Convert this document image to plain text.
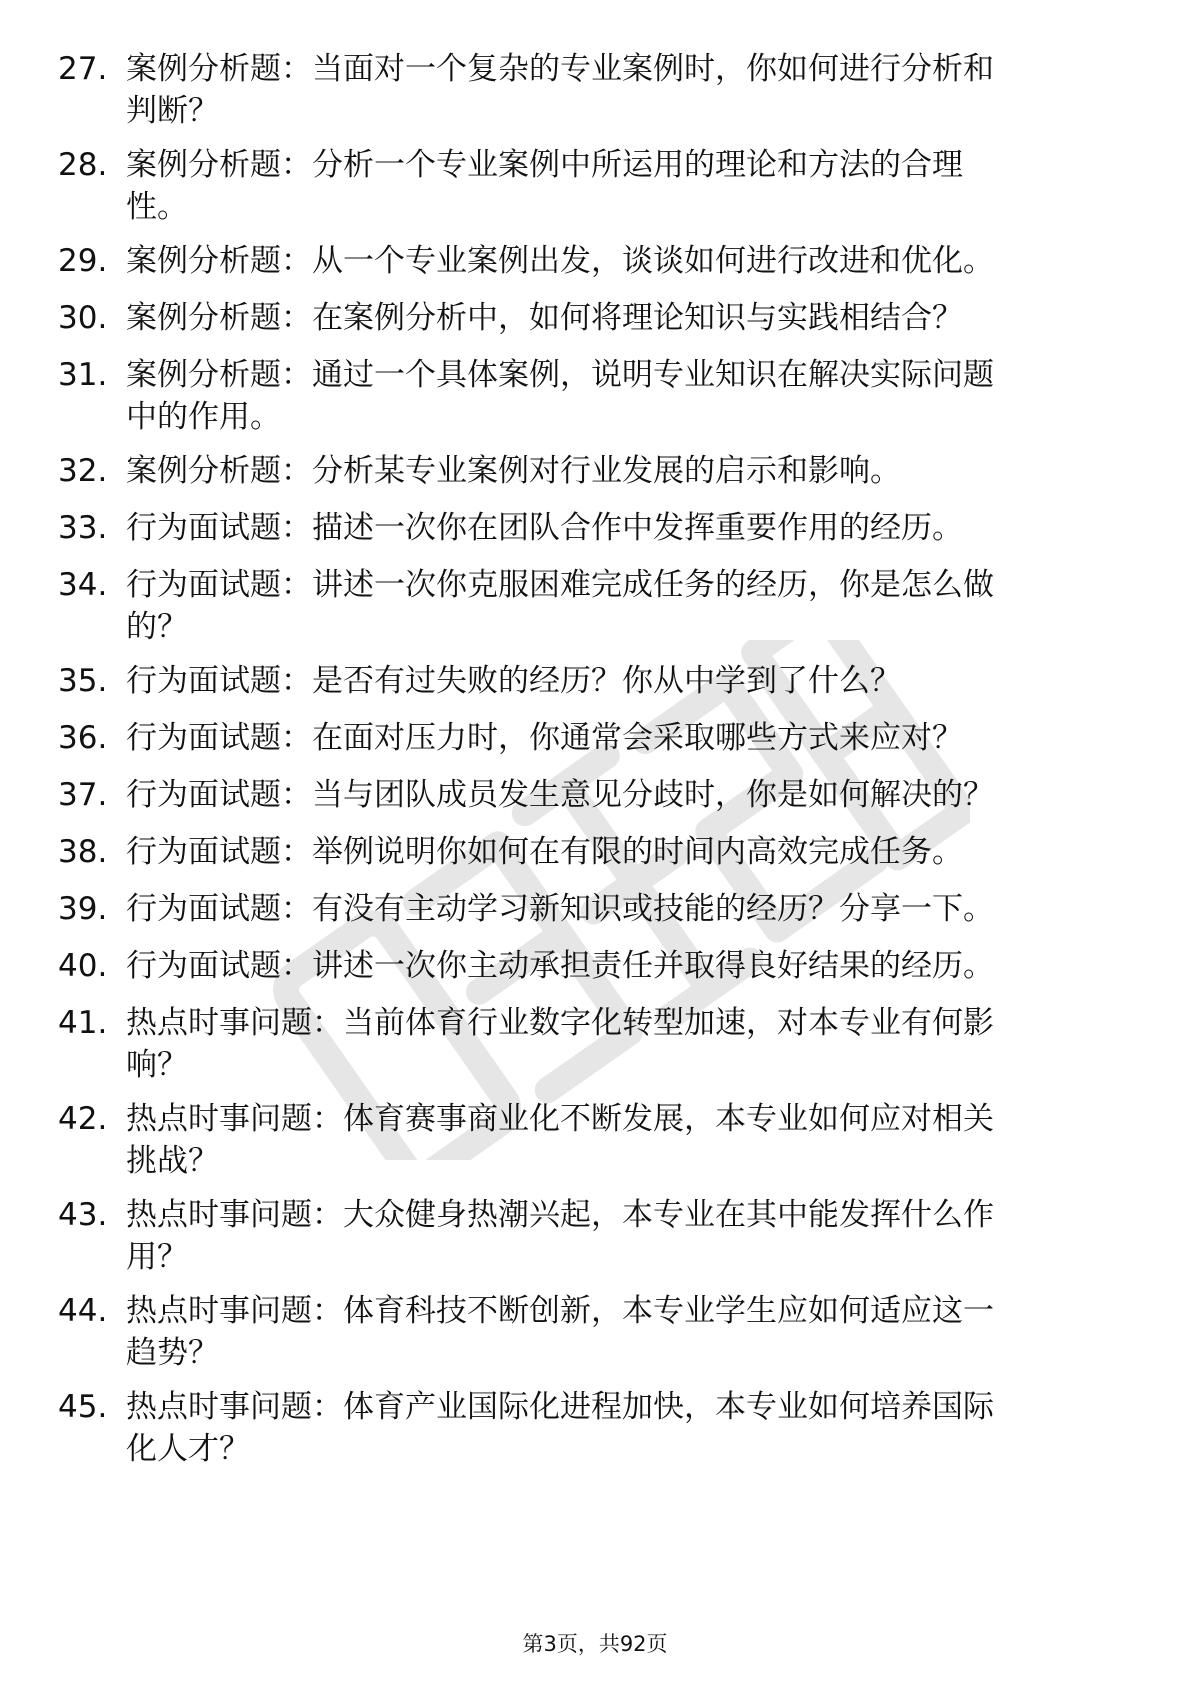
27. 案例分析题：当面对一个复杂的专业案例时，你如何进行分析和
判断？
28. 案例分析题：分析一个专业案例中所运用的理论和方法的合理
性。
29. 案例分析题：从一个专业案例出发，谈谈如何进行改进和优化。
30. 案例分析题：在案例分析中，如何将理论知识与实践相结合？
31. 案例分析题：通过一个具体案例，说明专业知识在解决实际问题
中的作用。
32. 案例分析题：分析某专业案例对行业发展的启示和影响。
33. 行为面试题：描述一次你在团队合作中发挥重要作用的经历。
34. 行为面试题：讲述一次你克服困难完成任务的经历，你是怎么做
的？
35. 行为面试题：是否有过失败的经历？你从中学到了什么？
36. 行为面试题：在面对压力时，你通常会采取哪些方式来应对？
37. 行为面试题：当与团队成员发生意见分歧时，你是如何解决的？
38. 行为面试题：举例说明你如何在有限的时间内高效完成任务。
39. 行为面试题：有没有主动学习新知识或技能的经历？分享一下。
40. 行为面试题：讲述一次你主动承担责任并取得良好结果的经历。
41. 热点时事问题：当前体育行业数字化转型加速，对本专业有何影
响？
42. 热点时事问题：体育赛事商业化不断发展，本专业如何应对相关
挑战？
43. 热点时事问题：大众健身热潮兴起，本专业在其中能发挥什么作
用？
44. 热点时事问题：体育科技不断创新，本专业学生应如何适应这一
趋势？
45. 热点时事问题：体育产业国际化进程加快，本专业如何培养国际
化人才？
第3页，共92页
